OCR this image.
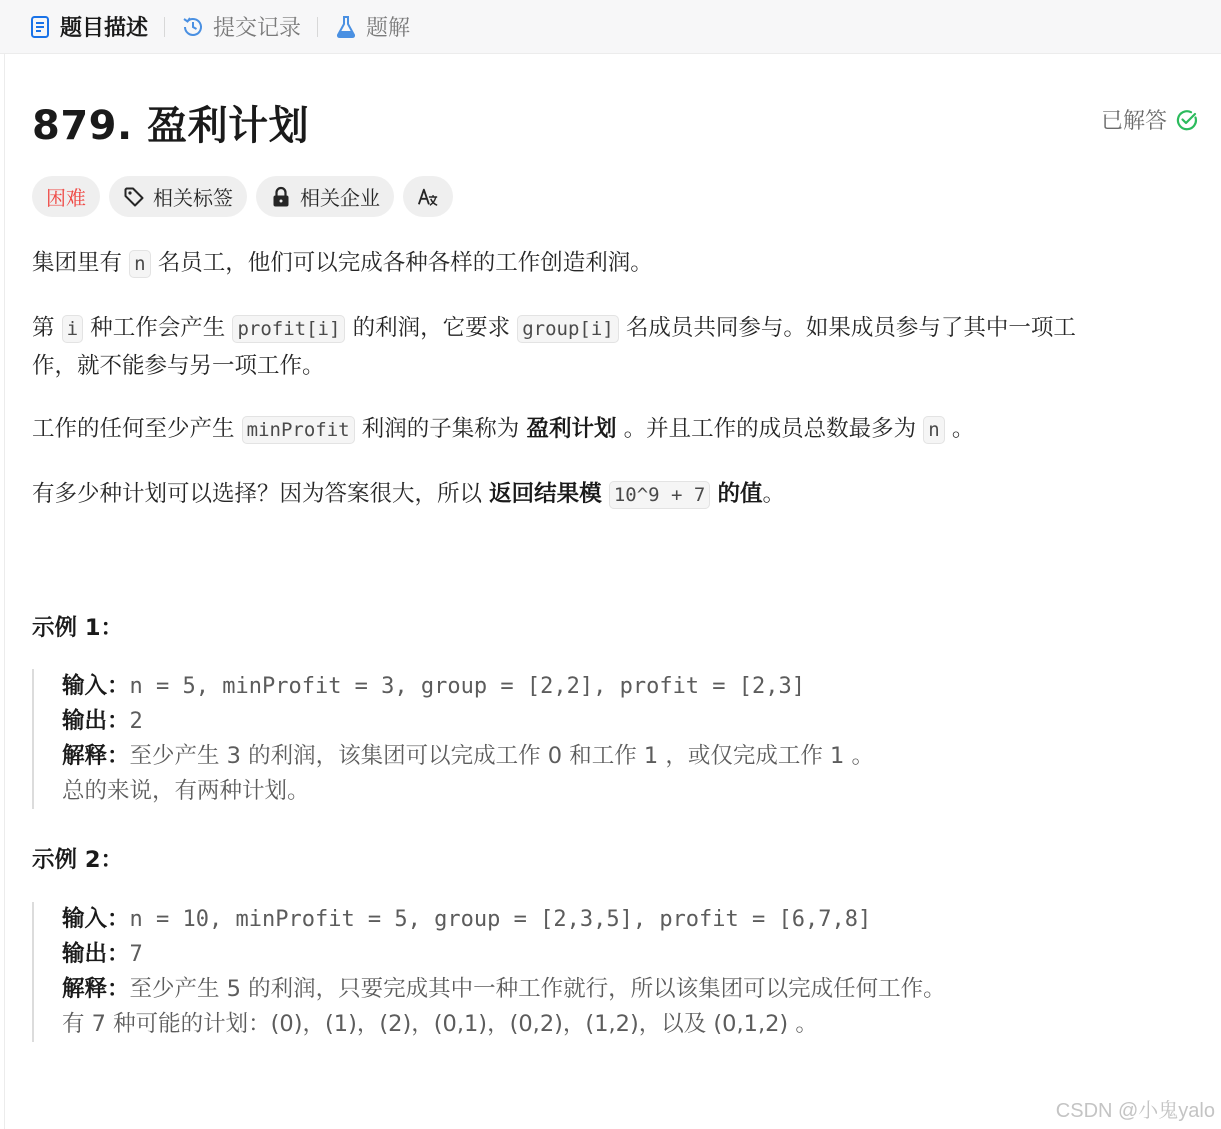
题目描述	提交记录	题解
879. 盈利计划	已解答
困难	相关标签	相关企业
集团里有 n 名员工，他们可以完成各种各样的工作创造利润。
第 i 种工作会产生 profit[i] 的利润，它要求 group[i] 名成员共同参与。如果成员参与了其中一项工
作，就不能参与另一项工作。
工作的任何至少产生 minProfit 利润的子集称为 盈利计划 。并且工作的成员总数最多为 n 。
有多少种计划可以选择？因为答案很大，所以 返回结果模 10^9 + 7 的值。
示例 1：
输入：n = 5, minProfit = 3, group = [2,2], profit = [2,3]
输出：2
解释：至少产生 3 的利润，该集团可以完成工作 0 和工作 1 ，或仅完成工作 1 。
总的来说，有两种计划。
示例 2：
输入：n = 10, minProfit = 5, group = [2,3,5], profit = [6,7,8]
输出：7
解释：至少产生 5 的利润，只要完成其中一种工作就行，所以该集团可以完成任何工作。
有 7 种可能的计划：(0)，(1)，(2)，(0,1)，(0,2)，(1,2)，以及 (0,1,2) 。
CSDN @小鬼yalo
